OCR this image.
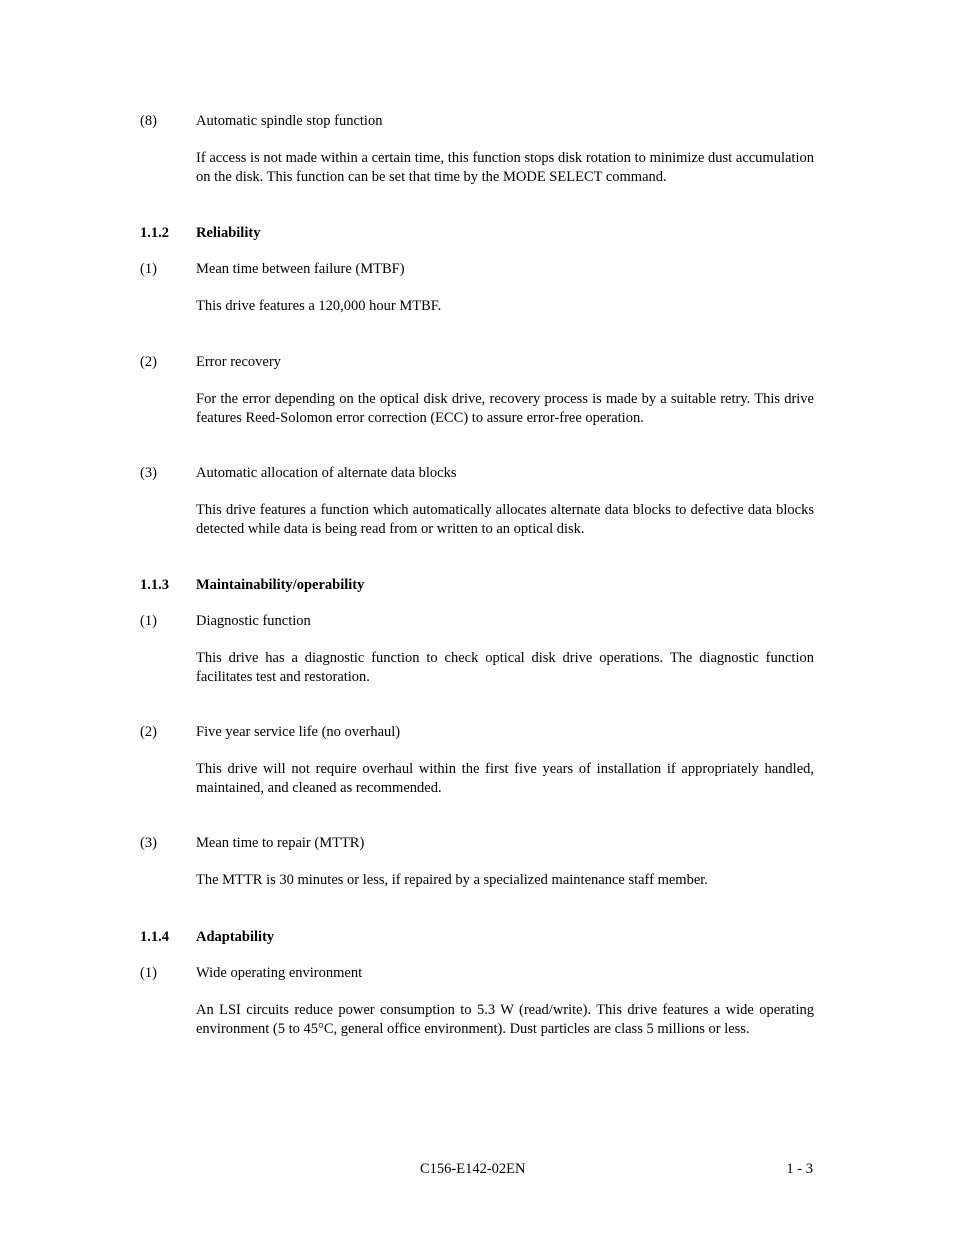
(8)	Automatic spindle stop function
If access is not made within a certain time, this function stops disk rotation to minimize dust accumulation on the disk. This function can be set that time by the MODE SELECT command.
1.1.2 Reliability
(1)	Mean time between failure (MTBF)
This drive features a 120,000 hour MTBF.
(2)	Error recovery
For the error depending on the optical disk drive, recovery process is made by a suitable retry. This drive features Reed-Solomon error correction (ECC) to assure error-free operation.
(3)	Automatic allocation of alternate data blocks
This drive features a function which automatically allocates alternate data blocks to defective data blocks detected while data is being read from or written to an optical disk.
1.1.3 Maintainability/operability
(1)	Diagnostic function
This drive has a diagnostic function to check optical disk drive operations. The diagnostic function facilitates test and restoration.
(2)	Five year service life (no overhaul)
This drive will not require overhaul within the first five years of installation if appropriately handled, maintained, and cleaned as recommended.
(3)	Mean time to repair (MTTR)
The MTTR is 30 minutes or less, if repaired by a specialized maintenance staff member.
1.1.4 Adaptability
(1)	Wide operating environment
An LSI circuits reduce power consumption to 5.3 W (read/write). This drive features a wide operating environment (5 to 45°C, general office environment). Dust particles are class 5 millions or less.
C156-E142-02EN	1 - 3
